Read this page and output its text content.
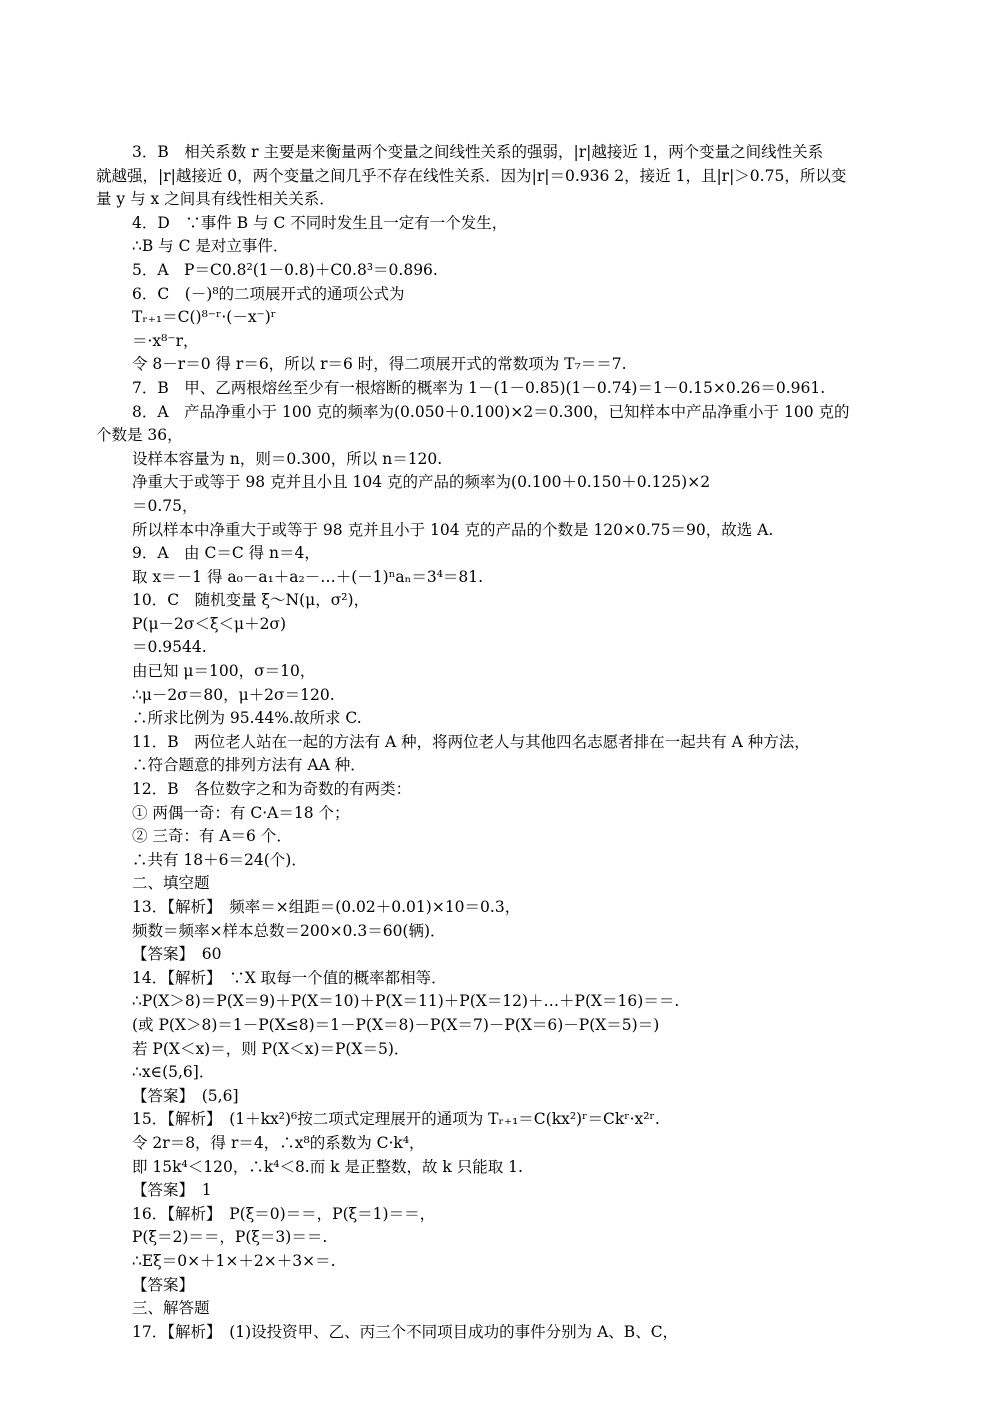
3．B　相关系数 r 主要是来衡量两个变量之间线性关系的强弱，|r|越接近 1，两个变量之间线性关系
就越强，|r|越接近 0，两个变量之间几乎不存在线性关系．因为|r|＝0.936 2，接近 1，且|r|＞0.75，所以变
量 y 与 x 之间具有线性相关关系．
4．D　∵事件 B 与 C 不同时发生且一定有一个发生，
∴B 与 C 是对立事件．
5．A　P＝C0.8²(1－0.8)＋C0.8³＝0.896.
6．C　(－)⁸的二项展开式的通项公式为
Tᵣ₊₁＝C()⁸⁻ʳ·(－x⁻)ʳ
＝·x⁸⁻r，
令 8－r＝0 得 r＝6，所以 r＝6 时，得二项展开式的常数项为 T₇＝＝7.
7．B　甲、乙两根熔丝至少有一根熔断的概率为 1－(1－0.85)(1－0.74)＝1－0.15×0.26＝0.961.
8．A　产品净重小于 100 克的频率为(0.050＋0.100)×2＝0.300，已知样本中产品净重小于 100 克的
个数是 36，
设样本容量为 n，则＝0.300，所以 n＝120.
净重大于或等于 98 克并且小且 104 克的产品的频率为(0.100＋0.150＋0.125)×2
＝0.75，
所以样本中净重大于或等于 98 克并且小于 104 克的产品的个数是 120×0.75＝90，故选 A.
9．A　由 C＝C 得 n＝4，
取 x＝－1 得 a₀－a₁＋a₂－…＋(－1)ⁿaₙ＝3⁴＝81.
10．C　随机变量 ξ～N(μ，σ²)，
P(μ－2σ＜ξ＜μ＋2σ)
＝0.9544.
由已知 μ＝100，σ＝10，
∴μ－2σ＝80，μ＋2σ＝120.
∴所求比例为 95.44%.故所求 C.
11．B　两位老人站在一起的方法有 A 种，将两位老人与其他四名志愿者排在一起共有 A 种方法，
∴符合题意的排列方法有 AA 种．
12．B　各位数字之和为奇数的有两类：
① 两偶一奇：有 C·A＝18 个；
② 三奇：有 A＝6 个．
∴共有 18＋6＝24(个)．
二、填空题
13．【解析】　频率＝×组距＝(0.02＋0.01)×10＝0.3，
频数＝频率×样本总数＝200×0.3＝60(辆)．
【答案】　60
14．【解析】　∵X 取每一个值的概率都相等．
∴P(X＞8)＝P(X＝9)＋P(X＝10)＋P(X＝11)＋P(X＝12)＋…＋P(X＝16)＝＝.
(或 P(X＞8)＝1－P(X≤8)＝1－P(X＝8)－P(X＝7)－P(X＝6)－P(X＝5)＝)
若 P(X＜x)＝，则 P(X＜x)＝P(X＝5)．
∴x∈(5,6]．
【答案】　(5,6]
15．【解析】　(1＋kx²)⁶按二项式定理展开的通项为 Tᵣ₊₁＝C(kx²)ʳ＝Ckʳ·x²ʳ.
令 2r＝8，得 r＝4，∴x⁸的系数为 C·k⁴，
即 15k⁴＜120，∴k⁴＜8.而 k 是正整数，故 k 只能取 1.
【答案】　1
16．【解析】　P(ξ＝0)＝＝，P(ξ＝1)＝＝，
P(ξ＝2)＝＝，P(ξ＝3)＝＝.
∴Eξ＝0×＋1×＋2×＋3×＝.
【答案】
三、解答题
17．【解析】　(1)设投资甲、乙、丙三个不同项目成功的事件分别为 A、B、C，
